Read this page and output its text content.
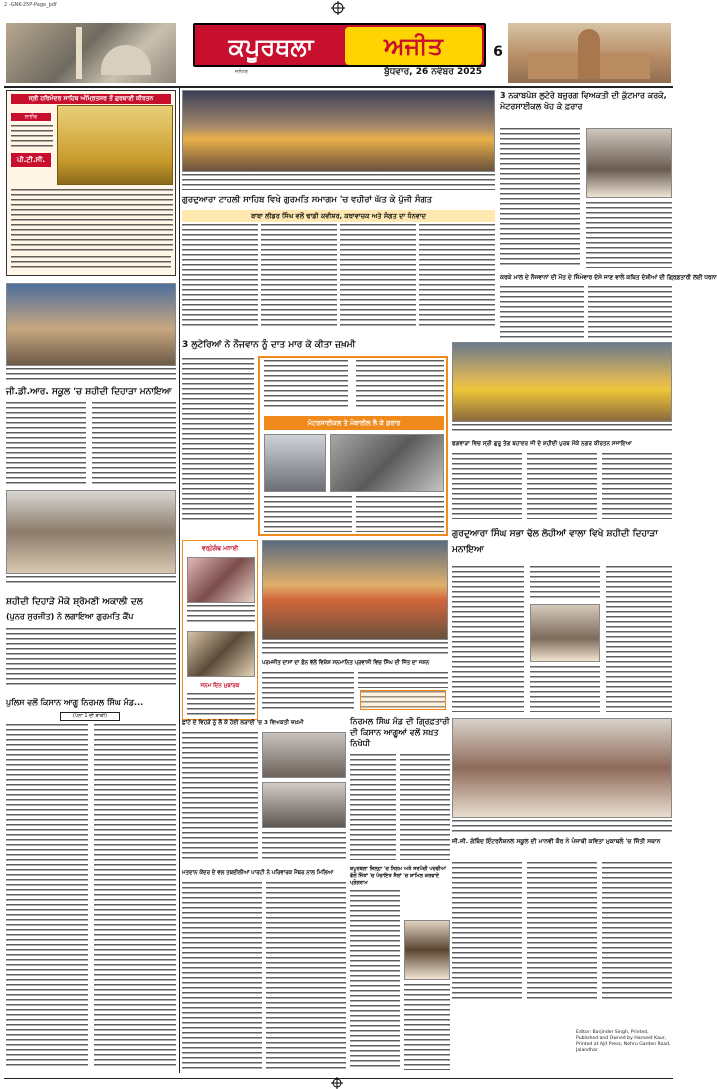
2 -GNK-25P-Page_pdf
ਕਪੂਰਥਲਾ	ਅਜੀਤ
ਜਲੰਧਰ	ਬੁੱਧਵਾਰ, 26 ਨਵੰਬਰ 2025
6
ਸ੍ਰੀ ਹਰਿਮੰਦਰ ਸਾਹਿਬ ਅੰਮ੍ਰਿਤਸਰ ਤੋਂ ਗੁਰਬਾਣੀ ਕੀਰਤਨ
ਲਾਈਵ
ਪੀ.ਟੀ.ਸੀ.
ਜੀ.ਡੀ.ਆਰ. ਸਕੂਲ 'ਚ ਸ਼ਹੀਦੀ ਦਿਹਾੜਾ ਮਨਾਇਆ
ਸ਼ਹੀਦੀ ਦਿਹਾੜੇ ਮੌਕੇ ਸ਼੍ਰੋਮਣੀ ਅਕਾਲੀ ਦਲ
(ਪੁਨਰ ਸੁਰਜੀਤ) ਨੇ ਲਗਾਇਆ ਗੁਰਮਤਿ ਕੈਂਪ
ਪੁਲਿਸ ਵਲੋਂ ਕਿਸਾਨ ਆਗੂ ਨਿਰਮਲ ਸਿੰਘ ਮੰਡ...
(ਪੰਨਾ 1 ਦੀ ਬਾਕੀ)
ਗੁਰਦੁਆਰਾ ਟਾਹਲੀ ਸਾਹਿਬ ਵਿਖੇ ਗੁਰਮਤਿ ਸਮਾਗਮ 'ਚ ਵਹੀਰਾਂ ਘੱਤ ਕੇ ਪੁੱਜੀ ਸੰਗਤ
ਬਾਬਾ ਲੀਡਰ ਸਿੰਘ ਵਲੋਂ ਢਾਡੀ ਕਵੀਸ਼ਰ, ਕਥਾਵਾਚਕ ਅਤੇ ਸੰਗਤ ਦਾ ਧੰਨਵਾਦ
3 ਨਕਾਬਪੋਸ਼ ਲੁਟੇਰੇ ਬਜ਼ੁਰਗ ਵਿਅਕਤੀ ਦੀ ਕੁੱਟਮਾਰ ਕਰਕੇ, ਮੋਟਰਸਾਈਕਲ ਖੋਹ ਕੇ ਫ਼ਰਾਰ
ਕਰਕੇ ਮਾਲ ਦੇ ਨੌਜਵਾਨਾਂ ਦੀ ਮੌਤ ਦੇ ਜਿੰਮੇਵਾਰ ਦੱਸੇ ਜਾਣ ਵਾਲੇ ਕਥਿਤ ਦੋਸ਼ੀਆਂ ਦੀ ਗ੍ਰਿਫ਼ਤਾਰੀ ਲਈ ਧਰਨਾ
3 ਲੁਟੇਰਿਆਂ ਨੇ ਨੌਜਵਾਨ ਨੂੰ ਦਾਤ ਮਾਰ ਕੇ ਕੀਤਾ ਜ਼ਖ਼ਮੀ
ਮੋਟਰਸਾਈਕਲ ਤੇ ਮੋਬਾਈਲ ਲੈ ਕੇ ਫ਼ਰਾਰ
ਫਗਵਾੜਾ ਵਿਚ ਸ੍ਰੀ ਗੁਰੂ ਤੇਗ ਬਹਾਦਰ ਜੀ ਦੇ ਸ਼ਹੀਦੀ ਪੁਰਬ ਮੌਕੇ ਨਗਰ ਕੀਰਤਨ ਸਜਾਇਆ
ਗੁਰਦੁਆਰਾ ਸਿੰਘ ਸਭਾ ਢੱਲ ਲੋਹੀਆਂ ਵਾਲਾ ਵਿਖੇ ਸ਼ਹੀਦੀ ਦਿਹਾੜਾ ਮਨਾਇਆ
ਵਰ੍ਹੇਗੰਢ ਮਨਾਈ
ਜਨਮ ਦਿਨ ਮੁਬਾਰਕ
ਪਰਮਜੀਤ ਦਾਸਾਂ ਦਾ ਫ਼ੋਨ ਵੱਲੋਂ ਵਿਸ਼ੇਸ਼ ਸਨਮਾਨਿਤ ਪ੍ਰਵਾਸੀ ਵਿਚ ਸਿੰਘ ਦੀ ਜਿੱਤ ਦਾ ਜਸ਼ਨ
ਛਾਂਟੇ ਦੇ ਵਿਹੜੇ ਨੂੰ ਲੈ ਕੇ ਹੋਈ ਲੜਾਈ 'ਚ 3 ਵਿਅਕਤੀ ਜ਼ਖ਼ਮੀ	ਨਿਰਮਲ ਸਿੰਘ ਮੰਡ ਦੀ ਗ੍ਰਿਫ਼ਤਾਰੀ ਦੀ ਕਿਸਾਨ ਆਗੂਆਂ ਵਲੋਂ ਸਖ਼ਤ ਨਿਖੇਧੀ
ਮਤਦਾਨ ਕੇਂਦਰ ਦੇ ਵਲ ਤਬਦੀਲੀਆਂ ਪਾਰਟੀ ਨੇ ਪਰਿਵਾਰਕ ਮੈਂਬਰ ਨਾਲ ਮਿਲਿਆ
ਕਪੂਰਥਲਾ ਜ਼ਿਲ੍ਹਾ 'ਚ ਨਿਗਮ ਅਤੇ ਸਰਪੰਚੀ ਪਦਵੀਆਂ ਵੱਲੋਂ ਜਿੱਤਾਂ 'ਚ ਪੰਚਾਇਤ ਸੈਲਾਂ 'ਚ ਸ਼ਾਮਿਲ ਕਰਵਾਏ ਪ੍ਰੋਗਰਾਮ
ਜੀ.ਜੀ. ਗੋਬਿੰਦ ਇੰਟਰਨੈਸ਼ਨਲ ਸਕੂਲ ਦੀ ਮਾਨਵੀ ਕੌਰ ਨੇ ਪੰਜਾਬੀ ਕਵਿਤਾ ਮੁਕਾਬਲੇ 'ਚ ਜਿੱਤੀ ਸਥਾਨ
Editor: Barjinder Singh, Printed, Published and Owned by Harneet Kaur, Printed at Ajit Press, Nehru Garden Road, Jalandhar
